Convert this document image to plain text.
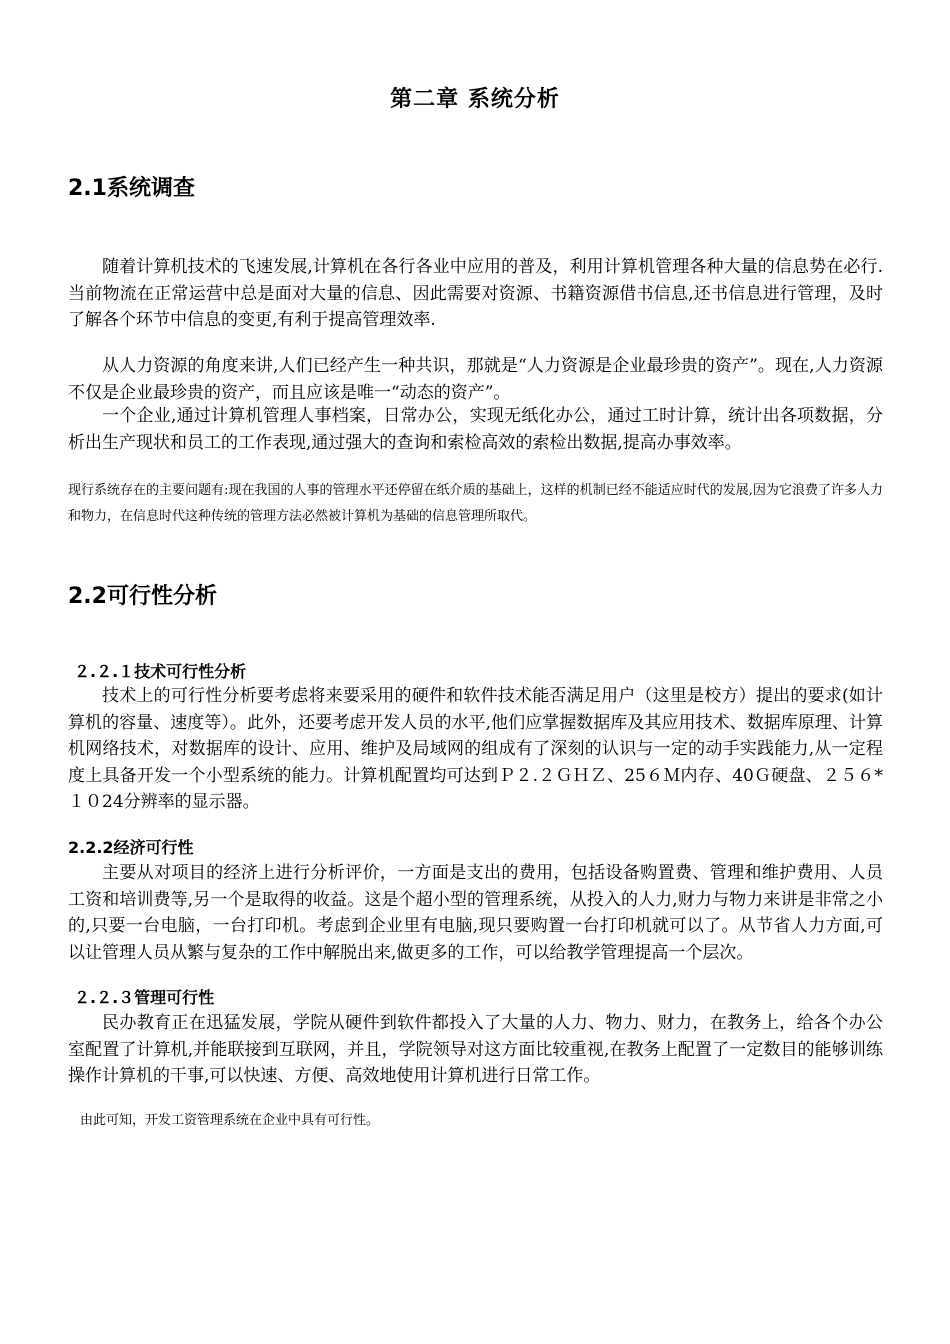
第二章 系统分析
2.1系统调查

随着计算机技术的飞速发展,计算机在各行各业中应用的普及，利用计算机管理各种大量的信息势在必行.当前物流在正常运营中总是面对大量的信息、因此需要对资源、书籍资源借书信息,还书信息进行管理，及时了解各个环节中信息的变更,有利于提高管理效率.

从人力资源的角度来讲,人们已经产生一种共识，那就是“人力资源是企业最珍贵的资产”。现在,人力资源不仅是企业最珍贵的资产，而且应该是唯一“动态的资产”。

一个企业,通过计算机管理人事档案，日常办公，实现无纸化办公，通过工时计算，统计出各项数据，分析出生产现状和员工的工作表现,通过强大的查询和索检高效的索检出数据,提高办事效率。

现行系统存在的主要问题有:现在我国的人事的管理水平还停留在纸介质的基础上，这样的机制已经不能适应时代的发展,因为它浪费了许多人力和物力，在信息时代这种传统的管理方法必然被计算机为基础的信息管理所取代。

2.2可行性分析
２.２.１技术可行性分析

技术上的可行性分析要考虑将来要采用的硬件和软件技术能否满足用户（这里是校方）提出的要求(如计算机的容量、速度等）。此外，还要考虑开发人员的水平,他们应掌握数据库及其应用技术、数据库原理、计算机网络技术，对数据库的设计、应用、维护及局域网的组成有了深刻的认识与一定的动手实践能力,从一定程度上具备开发一个小型系统的能力。计算机配置均可达到Ｐ２.２ＧＨＺ、25６Ｍ内存、40Ｇ硬盘、２５６*１０24分辨率的显示器。

2.2.2经济可行性

主要从对项目的经济上进行分析评价，一方面是支出的费用，包括设备购置费、管理和维护费用、人员工资和培训费等,另一个是取得的收益。这是个超小型的管理系统，从投入的人力,财力与物力来讲是非常之小的,只要一台电脑，一台打印机。考虑到企业里有电脑,现只要购置一台打印机就可以了。从节省人力方面,可以让管理人员从繁与复杂的工作中解脱出来,做更多的工作，可以给教学管理提高一个层次。

２.２.３管理可行性

民办教育正在迅猛发展，学院从硬件到软件都投入了大量的人力、物力、财力，在教务上，给各个办公室配置了计算机,并能联接到互联网，并且，学院领导对这方面比较重视,在教务上配置了一定数目的能够训练操作计算机的干事,可以快速、方便、高效地使用计算机进行日常工作。

由此可知，开发工资管理系统在企业中具有可行性。
